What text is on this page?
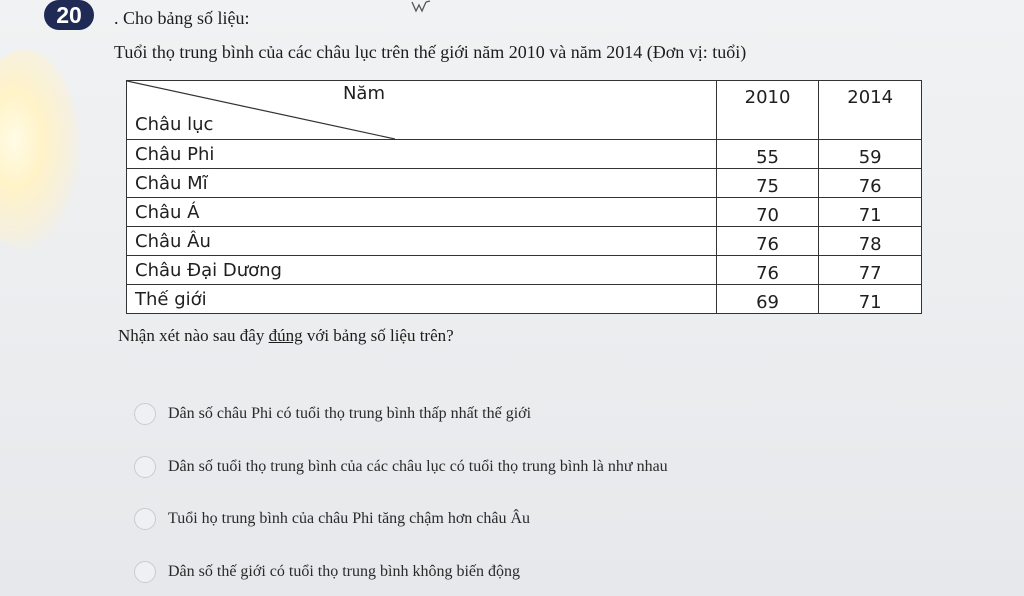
20 . Cho bảng số liệu:
Tuổi thọ trung bình của các châu lục trên thế giới năm 2010 và năm 2014 (Đơn vị: tuổi)
Năm
Châu lục	2010	2014
Châu Phi	55	59
Châu Mĩ	75	76
Châu Á	70	71
Châu Âu	76	78
Châu Đại Dương	76	77
Thế giới	69	71
Nhận xét nào sau đây đúng với bảng số liệu trên?
Dân số châu Phi có tuổi thọ trung bình thấp nhất thế giới
Dân số tuổi thọ trung bình của các châu lục có tuổi thọ trung bình là như nhau
Tuổi họ trung bình của châu Phi tăng chậm hơn châu Âu
Dân số thế giới có tuổi thọ trung bình không biến động
